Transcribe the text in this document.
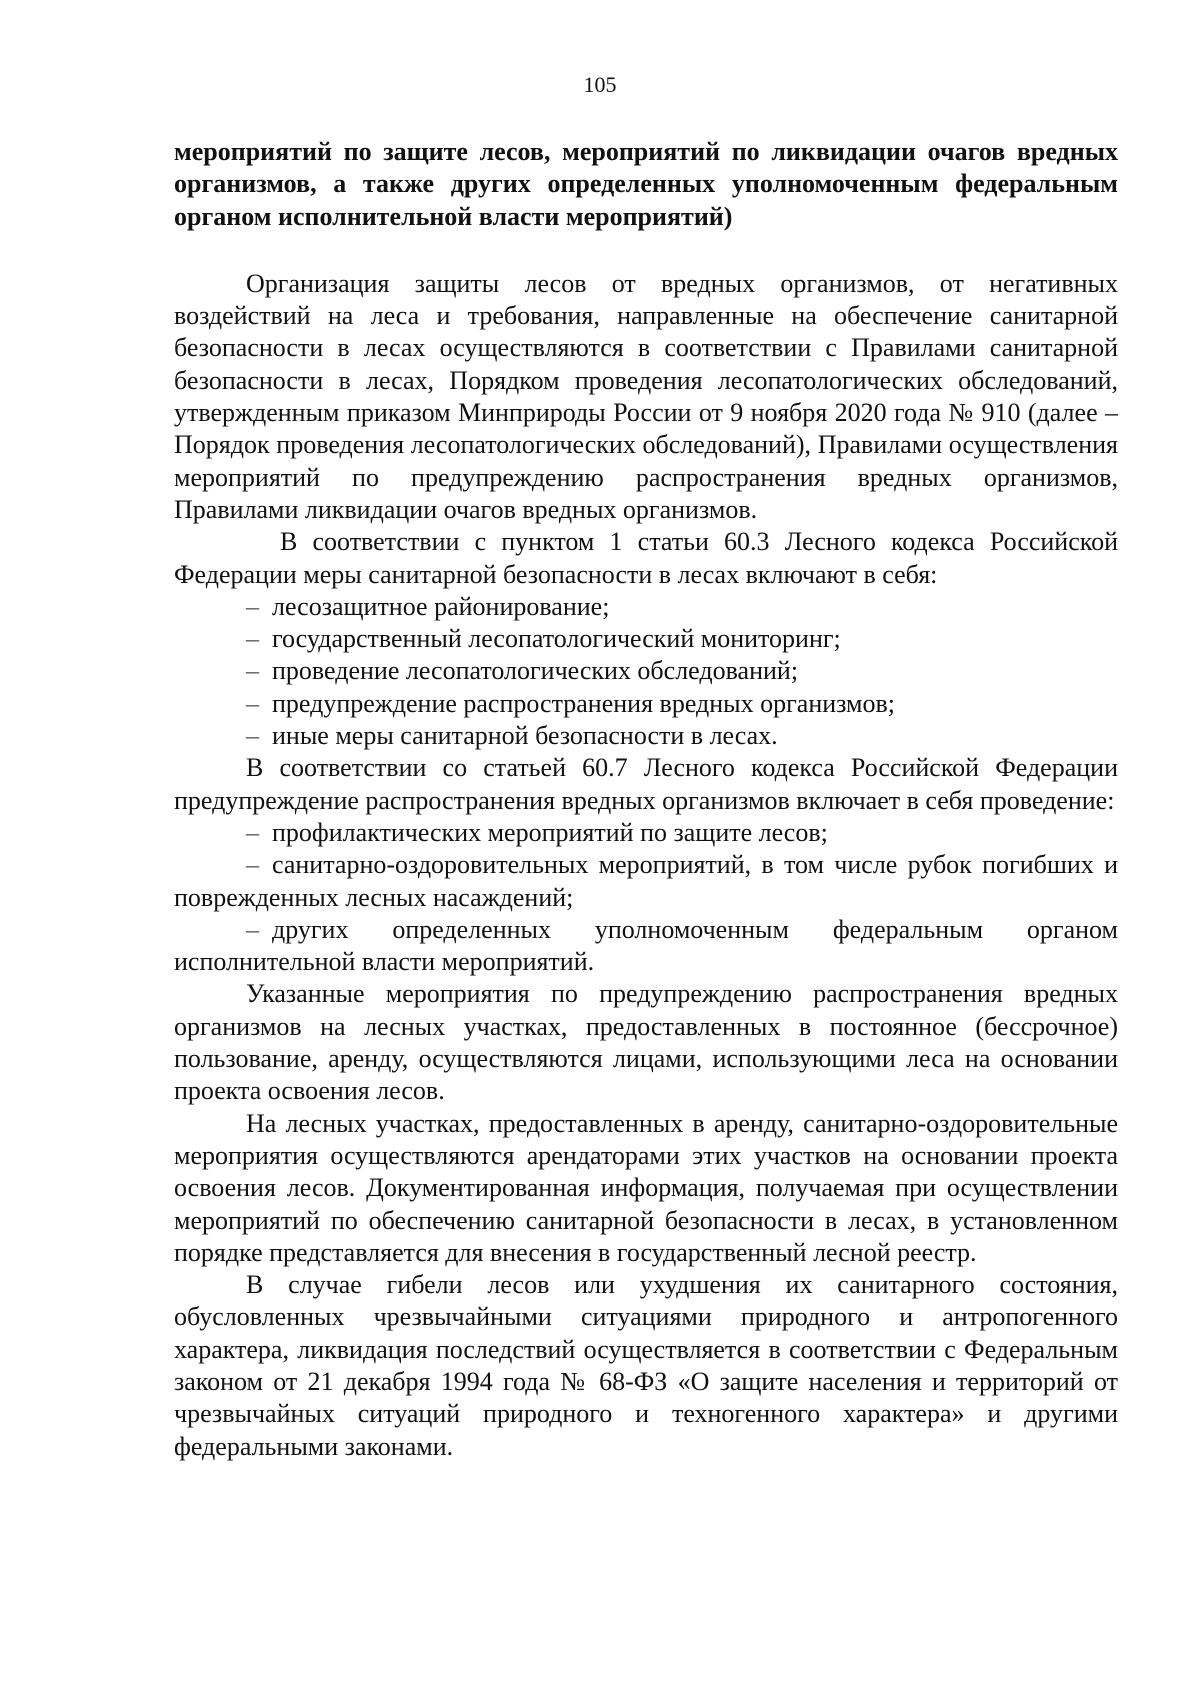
105

мероприятий по защите лесов, мероприятий по ликвидации очагов вредных организмов, а также других определенных уполномоченным федеральным органом исполнительной власти мероприятий)

Организация защиты лесов от вредных организмов, от негативных воздействий на леса и требования, направленные на обеспечение санитарной безопасности в лесах осуществляются в соответствии с Правилами санитарной безопасности в лесах, Порядком проведения лесопатологических обследований, утвержденным приказом Минприроды России от 9 ноября 2020 года № 910 (далее – Порядок проведения лесопатологических обследований), Правилами осуществления мероприятий по предупреждению распространения вредных организмов, Правилами ликвидации очагов вредных организмов.

В соответствии с пунктом 1 статьи 60.3 Лесного кодекса Российской Федерации меры санитарной безопасности в лесах включают в себя:

– лесозащитное районирование;

– государственный лесопатологический мониторинг;

– проведение лесопатологических обследований;

– предупреждение распространения вредных организмов;

– иные меры санитарной безопасности в лесах.

В соответствии со статьей 60.7 Лесного кодекса Российской Федерации предупреждение распространения вредных организмов включает в себя проведение:

– профилактических мероприятий по защите лесов;

– санитарно-оздоровительных мероприятий, в том числе рубок погибших и поврежденных лесных насаждений;

– других определенных уполномоченным федеральным органом исполнительной власти мероприятий.

Указанные мероприятия по предупреждению распространения вредных организмов на лесных участках, предоставленных в постоянное (бессрочное) пользование, аренду, осуществляются лицами, использующими леса на основании проекта освоения лесов.

На лесных участках, предоставленных в аренду, санитарно-оздоровительные мероприятия осуществляются арендаторами этих участков на основании проекта освоения лесов. Документированная информация, получаемая при осуществлении мероприятий по обеспечению санитарной безопасности в лесах, в установленном порядке представляется для внесения в государственный лесной реестр.

В случае гибели лесов или ухудшения их санитарного состояния, обусловленных чрезвычайными ситуациями природного и антропогенного характера, ликвидация последствий осуществляется в соответствии с Федеральным законом от 21 декабря 1994 года № 68-ФЗ «О защите населения и территорий от чрезвычайных ситуаций природного и техногенного характера» и другими федеральными законами.
